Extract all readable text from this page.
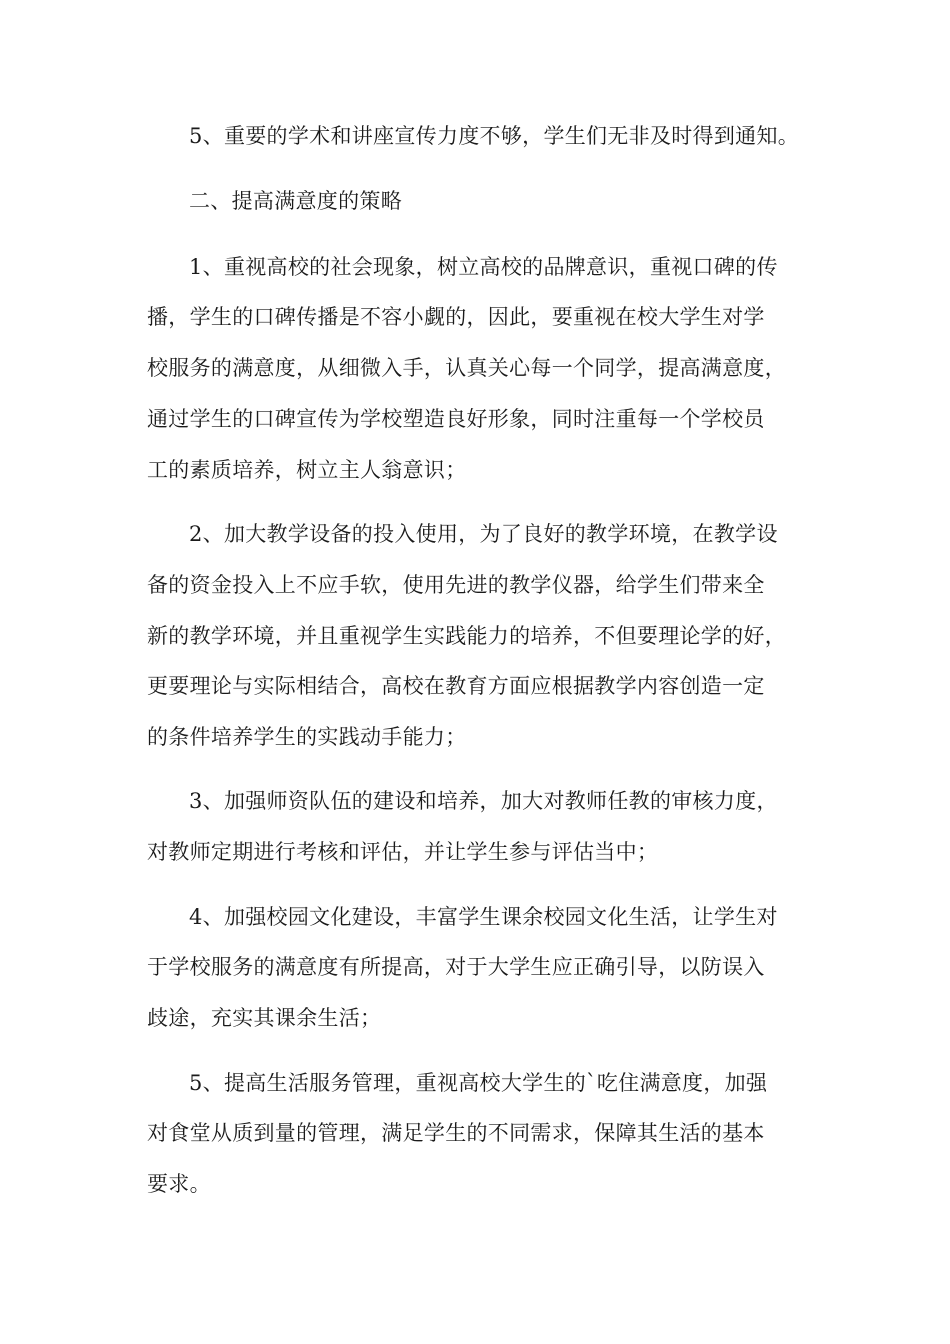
5、重要的学术和讲座宣传力度不够，学生们无非及时得到通知。

二、提高满意度的策略

1、重视高校的社会现象，树立高校的品牌意识，重视口碑的传

播，学生的口碑传播是不容小觑的，因此，要重视在校大学生对学

校服务的满意度，从细微入手，认真关心每一个同学，提高满意度，

通过学生的口碑宣传为学校塑造良好形象，同时注重每一个学校员

工的素质培养，树立主人翁意识；

2、加大教学设备的投入使用，为了良好的教学环境，在教学设

备的资金投入上不应手软，使用先进的教学仪器，给学生们带来全

新的教学环境，并且重视学生实践能力的培养，不但要理论学的好，

更要理论与实际相结合，高校在教育方面应根据教学内容创造一定

的条件培养学生的实践动手能力；

3、加强师资队伍的建设和培养，加大对教师任教的审核力度，

对教师定期进行考核和评估，并让学生参与评估当中；

4、加强校园文化建设，丰富学生课余校园文化生活，让学生对

于学校服务的满意度有所提高，对于大学生应正确引导，以防误入

歧途，充实其课余生活；

5、提高生活服务管理，重视高校大学生的`吃住满意度，加强

对食堂从质到量的管理，满足学生的不同需求，保障其生活的基本

要求。
